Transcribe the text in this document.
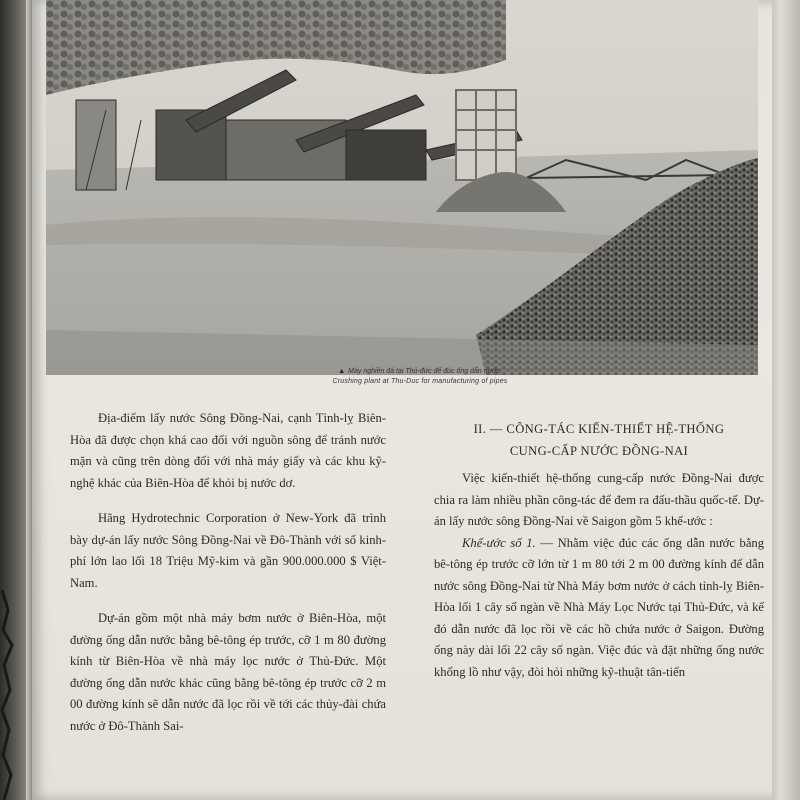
▲ Máy nghiền đá tại Thủ-đức để đúc ống dẫn nước.
Crushing plant at Thu-Duc for manufacturing of pipes

Địa-điểm lấy nước Sông Đồng-Nai, cạnh Tỉnh-lỵ Biên-Hòa đã được chọn khá cao đối với nguồn sông để tránh nước mặn và cũng trên dòng đối với nhà máy giấy và các khu kỹ-nghệ khác của Biên-Hòa để khỏi bị nước dơ.

Hãng Hydrotechnic Corporation ở New-York đã trình bày dự-án lấy nước Sông Đồng-Nai về Đô-Thành với số kinh-phí lớn lao lối 18 Triệu Mỹ-kim và gần 900.000.000 $ Việt-Nam.

Dự-án gồm một nhà máy bơm nước ở Biên-Hòa, một đường ống dẫn nước bằng bê-tông ép trước, cỡ 1 m 80 đường kính từ Biên-Hòa về nhà máy lọc nước ở Thủ-Đức. Một đường ống dẫn nước khác cũng bằng bê-tông ép trước cỡ 2 m 00 đường kính sẽ dẫn nước đã lọc rồi về tới các thủy-đài chứa nước ở Đô-Thành Sai-

II. — CÔNG-TÁC KIẾN-THIẾT HỆ-THỐNG
CUNG-CẤP NƯỚC ĐỒNG-NAI

Việc kiến-thiết hệ-thống cung-cấp nước Đồng-Nai được chia ra làm nhiều phần công-tác để đem ra đấu-thầu quốc-tế. Dự-án lấy nước sông Đồng-Nai về Saigon gồm 5 khế-ước :

Khế-ước số 1. — Nhằm việc đúc các ống dẫn nước bằng bê-tông ép trước cỡ lớn từ 1 m 80 tới 2 m 00 đường kính để dẫn nước sông Đồng-Nai từ Nhà Máy bơm nước ở cách tỉnh-lỵ Biên-Hòa lối 1 cây số ngàn về Nhà Máy Lọc Nước tại Thủ-Đức, và kế đó dẫn nước đã lọc rồi về các hồ chứa nước ở Saigon. Đường ống này dài lối 22 cây số ngàn. Việc đúc và đặt những ống nước khổng lồ như vậy, đòi hỏi những kỹ-thuật tân-tiến
